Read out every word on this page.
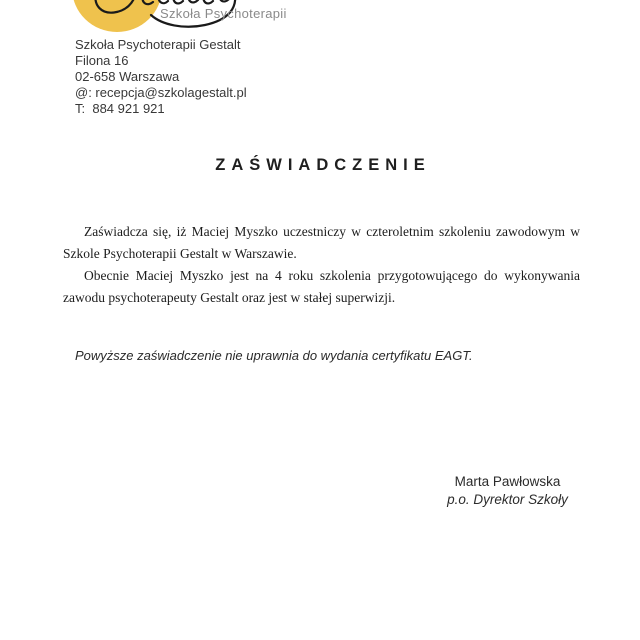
Szkoła Psychoterapii
Szkoła Psychoterapii Gestalt
Filona 16
02-658 Warszawa
@: recepcja@szkolagestalt.pl
T:  884 921 921
ZAŚWIADCZENIE
Zaświadcza się, iż Maciej Myszko uczestniczy w czteroletnim szkoleniu zawodowym w
Szkole Psychoterapii Gestalt w Warszawie.
Obecnie Maciej Myszko jest na 4 roku szkolenia przygotowującego do wykonywania
zawodu psychoterapeuty Gestalt oraz jest w stałej superwizji.
Powyższe zaświadczenie nie uprawnia do wydania certyfikatu EAGT.
Marta Pawłowska
p.o. Dyrektor Szkoły
